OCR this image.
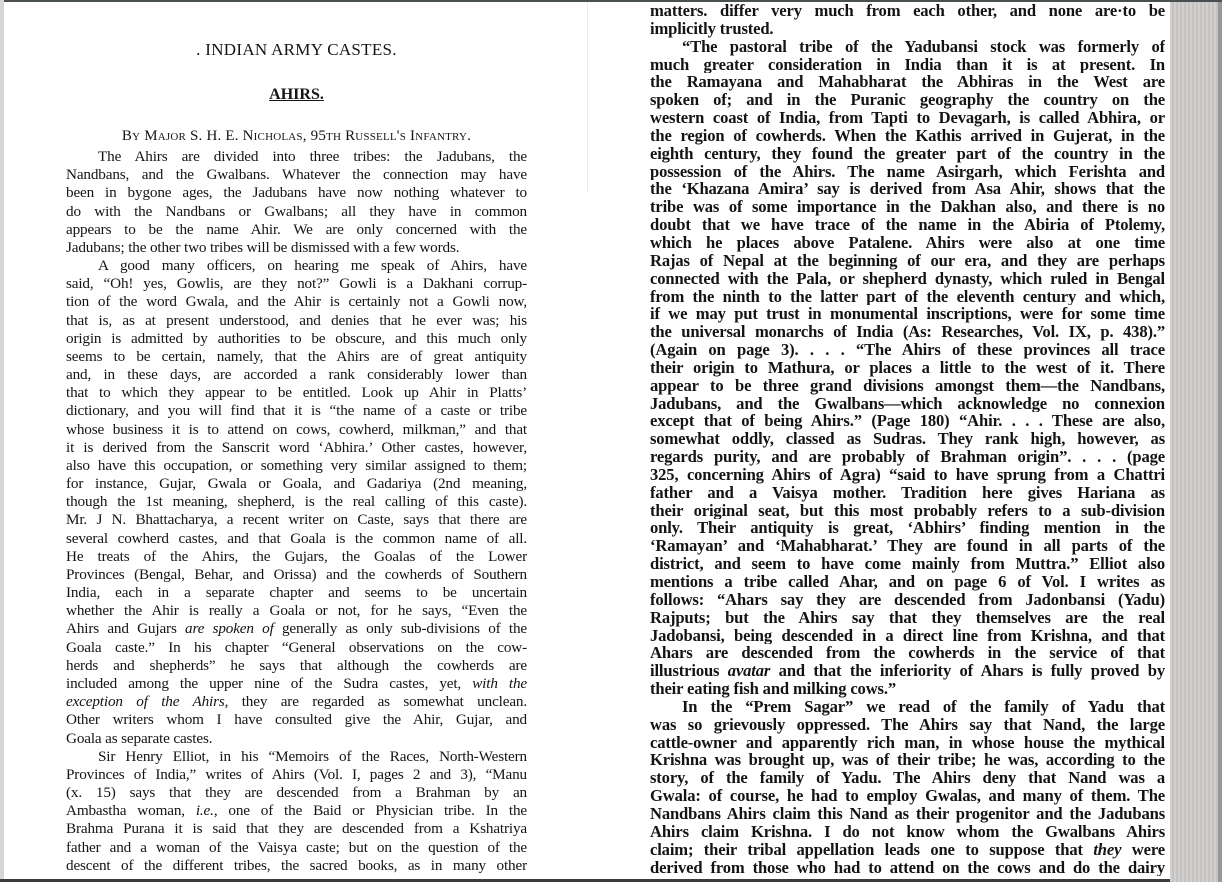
. INDIAN ARMY CASTES.
AHIRS.
By Major S. H. E. Nicholas, 95th Russell's Infantry.
The Ahirs are divided into three tribes: the Jadubans, the
Nandbans, and the Gwalbans. Whatever the connection may have
been in bygone ages, the Jadubans have now nothing whatever to
do with the Nandbans or Gwalbans; all they have in common
appears to be the name Ahir. We are only concerned with the
Jadubans; the other two tribes will be dismissed with a few words.
A good many officers, on hearing me speak of Ahirs, have
said, “Oh! yes, Gowlis, are they not?” Gowli is a Dakhani corrup-
tion of the word Gwala, and the Ahir is certainly not a Gowli now,
that is, as at present understood, and denies that he ever was; his
origin is admitted by authorities to be obscure, and this much only
seems to be certain, namely, that the Ahirs are of great antiquity
and, in these days, are accorded a rank considerably lower than
that to which they appear to be entitled. Look up Ahir in Platts’
dictionary, and you will find that it is “the name of a caste or tribe
whose business it is to attend on cows, cowherd, milkman,” and that
it is derived from the Sanscrit word ‘Abhira.’ Other castes, however,
also have this occupation, or something very similar assigned to them;
for instance, Gujar, Gwala or Goala, and Gadariya (2nd meaning,
though the 1st meaning, shepherd, is the real calling of this caste).
Mr. J N. Bhattacharya, a recent writer on Caste, says that there are
several cowherd castes, and that Goala is the common name of all.
He treats of the Ahirs, the Gujars, the Goalas of the Lower
Provinces (Bengal, Behar, and Orissa) and the cowherds of Southern
India, each in a separate chapter and seems to be uncertain
whether the Ahir is really a Goala or not, for he says, “Even the
Ahirs and Gujars are spoken of generally as only sub-divisions of the
Goala caste.” In his chapter “General observations on the cow-
herds and shepherds” he says that although the cowherds are
included among the upper nine of the Sudra castes, yet, with the
exception of the Ahirs, they are regarded as somewhat unclean.
Other writers whom I have consulted give the Ahir, Gujar, and
Goala as separate castes.
Sir Henry Elliot, in his “Memoirs of the Races, North-Western
Provinces of India,” writes of Ahirs (Vol. I, pages 2 and 3), “Manu
(x. 15) says that they are descended from a Brahman by an
Ambastha woman, i.e., one of the Baid or Physician tribe. In the
Brahma Purana it is said that they are descended from a Kshatriya
father and a woman of the Vaisya caste; but on the question of the
descent of the different tribes, the sacred books, as in many other
matters. differ very much from each other, and none are·to be
implicitly trusted.
“The pastoral tribe of the Yadubansi stock was formerly of
much greater consideration in India than it is at present. In
the Ramayana and Mahabharat the Abhiras in the West are
spoken of; and in the Puranic geography the country on the
western coast of India, from Tapti to Devagarh, is called Abhira, or
the region of cowherds. When the Kathis arrived in Gujerat, in the
eighth century, they found the greater part of the country in the
possession of the Ahirs. The name Asirgarh, which Ferishta and
the ‘Khazana Amira’ say is derived from Asa Ahir, shows that the
tribe was of some importance in the Dakhan also, and there is no
doubt that we have trace of the name in the Abiria of Ptolemy,
which he places above Patalene. Ahirs were also at one time
Rajas of Nepal at the beginning of our era, and they are perhaps
connected with the Pala, or shepherd dynasty, which ruled in Bengal
from the ninth to the latter part of the eleventh century and which,
if we may put trust in monumental inscriptions, were for some time
the universal monarchs of India (As: Researches, Vol. IX, p. 438).”
(Again on page 3). . . . “The Ahirs of these provinces all trace
their origin to Mathura, or places a little to the west of it. There
appear to be three grand divisions amongst them—the Nandbans,
Jadubans, and the Gwalbans—which acknowledge no connexion
except that of being Ahirs.” (Page 180) “Ahir. . . . These are also,
somewhat oddly, classed as Sudras. They rank high, however, as
regards purity, and are probably of Brahman origin”. . . . (page
325, concerning Ahirs of Agra) “said to have sprung from a Chattri
father and a Vaisya mother. Tradition here gives Hariana as
their original seat, but this most probably refers to a sub-division
only. Their antiquity is great, ‘Abhirs’ finding mention in the
‘Ramayan’ and ‘Mahabharat.’ They are found in all parts of the
district, and seem to have come mainly from Muttra.” Elliot also
mentions a tribe called Ahar, and on page 6 of Vol. I writes as
follows: “Ahars say they are descended from Jadonbansi (Yadu)
Rajputs; but the Ahirs say that they themselves are the real
Jadobansi, being descended in a direct line from Krishna, and that
Ahars are descended from the cowherds in the service of that
illustrious avatar and that the inferiority of Ahars is fully proved by
their eating fish and milking cows.”
In the “Prem Sagar” we read of the family of Yadu that
was so grievously oppressed. The Ahirs say that Nand, the large
cattle-owner and apparently rich man, in whose house the mythical
Krishna was brought up, was of their tribe; he was, according to the
story, of the family of Yadu. The Ahirs deny that Nand was a
Gwala: of course, he had to employ Gwalas, and many of them. The
Nandbans Ahirs claim this Nand as their progenitor and the Jadubans
Ahirs claim Krishna. I do not know whom the Gwalbans Ahirs
claim; their tribal appellation leads one to suppose that they were
derived from those who had to attend on the cows and do the dairy
